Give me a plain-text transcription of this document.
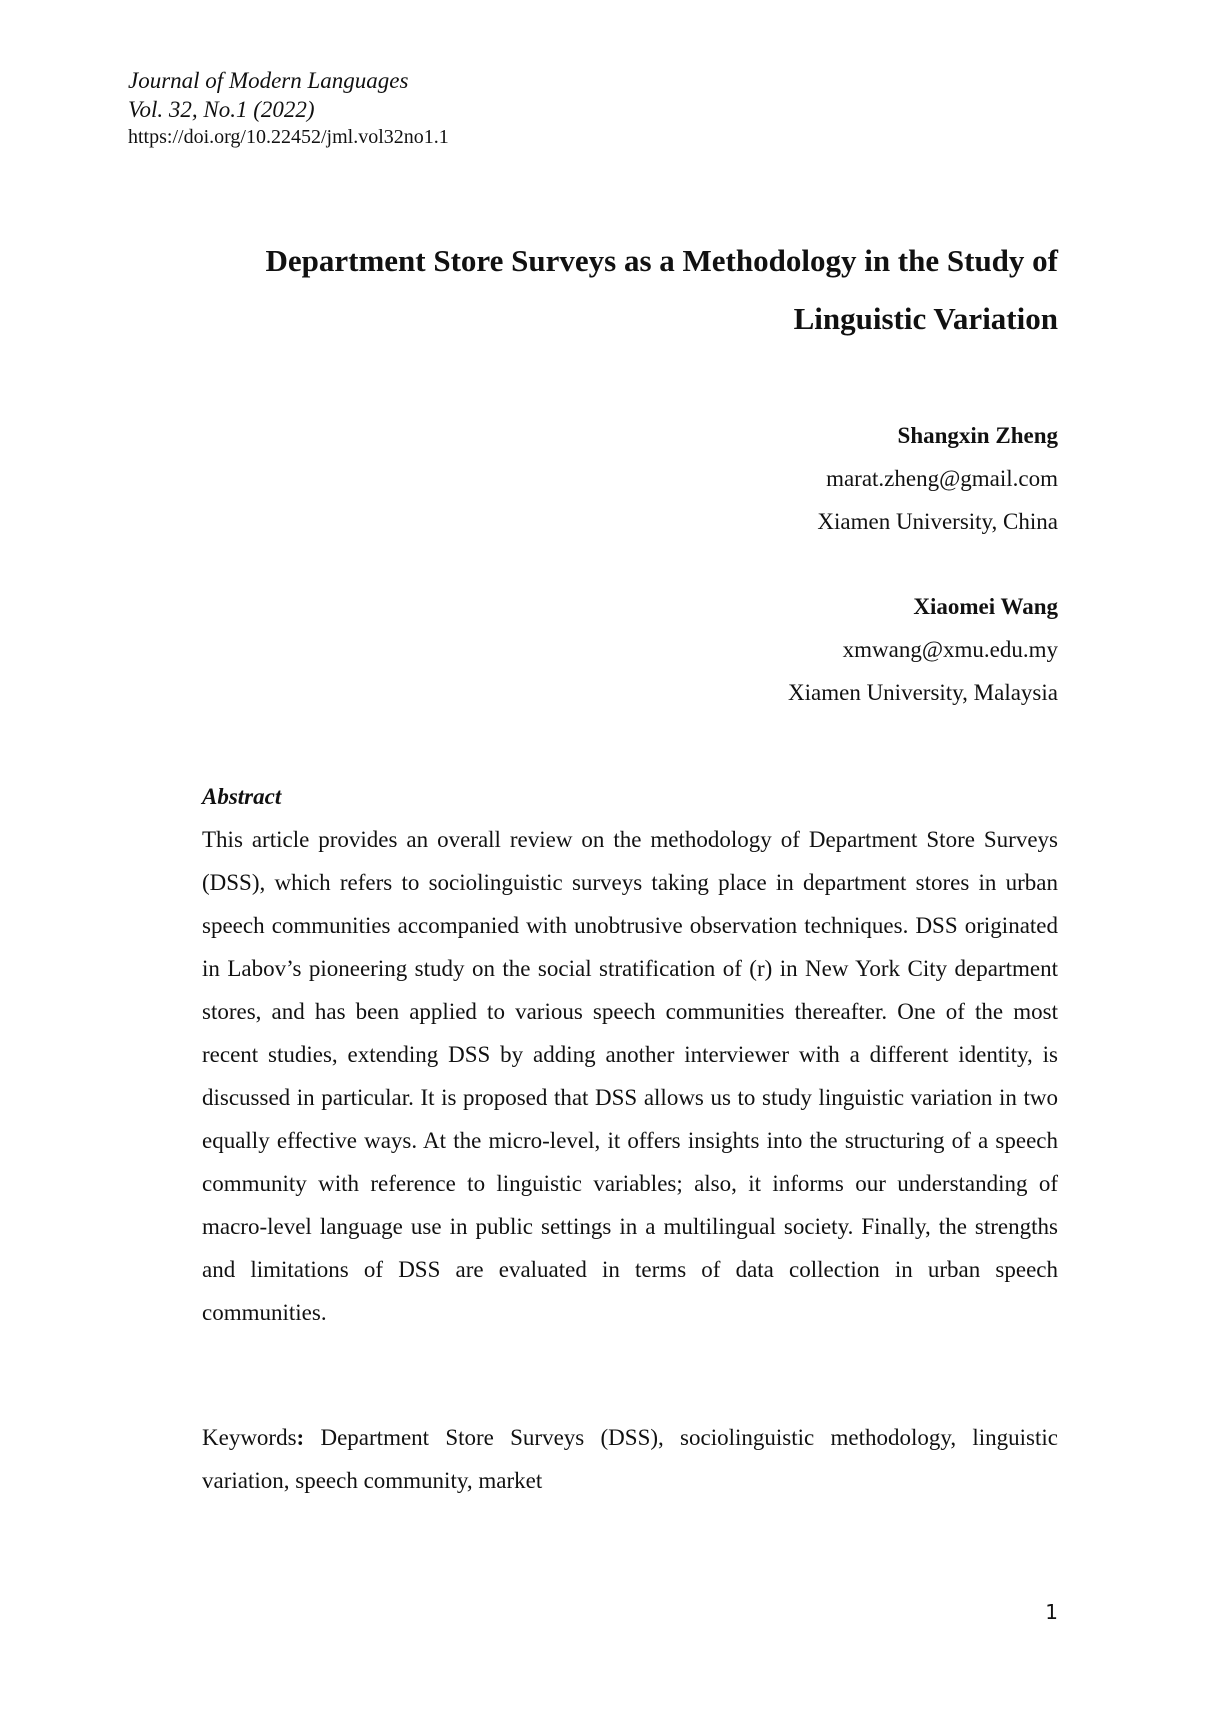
Journal of Modern Languages
Vol. 32, No.1 (2022)
https://doi.org/10.22452/jml.vol32no1.1
Department Store Surveys as a Methodology in the Study of
Linguistic Variation
Shangxin Zheng
marat.zheng@gmail.com
Xiamen University, China
Xiaomei Wang
xmwang@xmu.edu.my
Xiamen University, Malaysia
Abstract

This article provides an overall review on the methodology of Department Store Surveys (DSS), which refers to sociolinguistic surveys taking place in department stores in urban speech communities accompanied with unobtrusive observation techniques. DSS originated in Labov’s pioneering study on the social stratification of (r) in New York City department stores, and has been applied to various speech communities thereafter. One of the most recent studies, extending DSS by adding another interviewer with a different identity, is discussed in particular. It is proposed that DSS allows us to study linguistic variation in two equally effective ways. At the micro-level, it offers insights into the structuring of a speech community with reference to linguistic variables; also, it informs our understanding of macro-level language use in public settings in a multilingual society. Finally, the strengths and limitations of DSS are evaluated in terms of data collection in urban speech communities.

Keywords: Department Store Surveys (DSS), sociolinguistic methodology, linguistic variation, speech community, market

1
